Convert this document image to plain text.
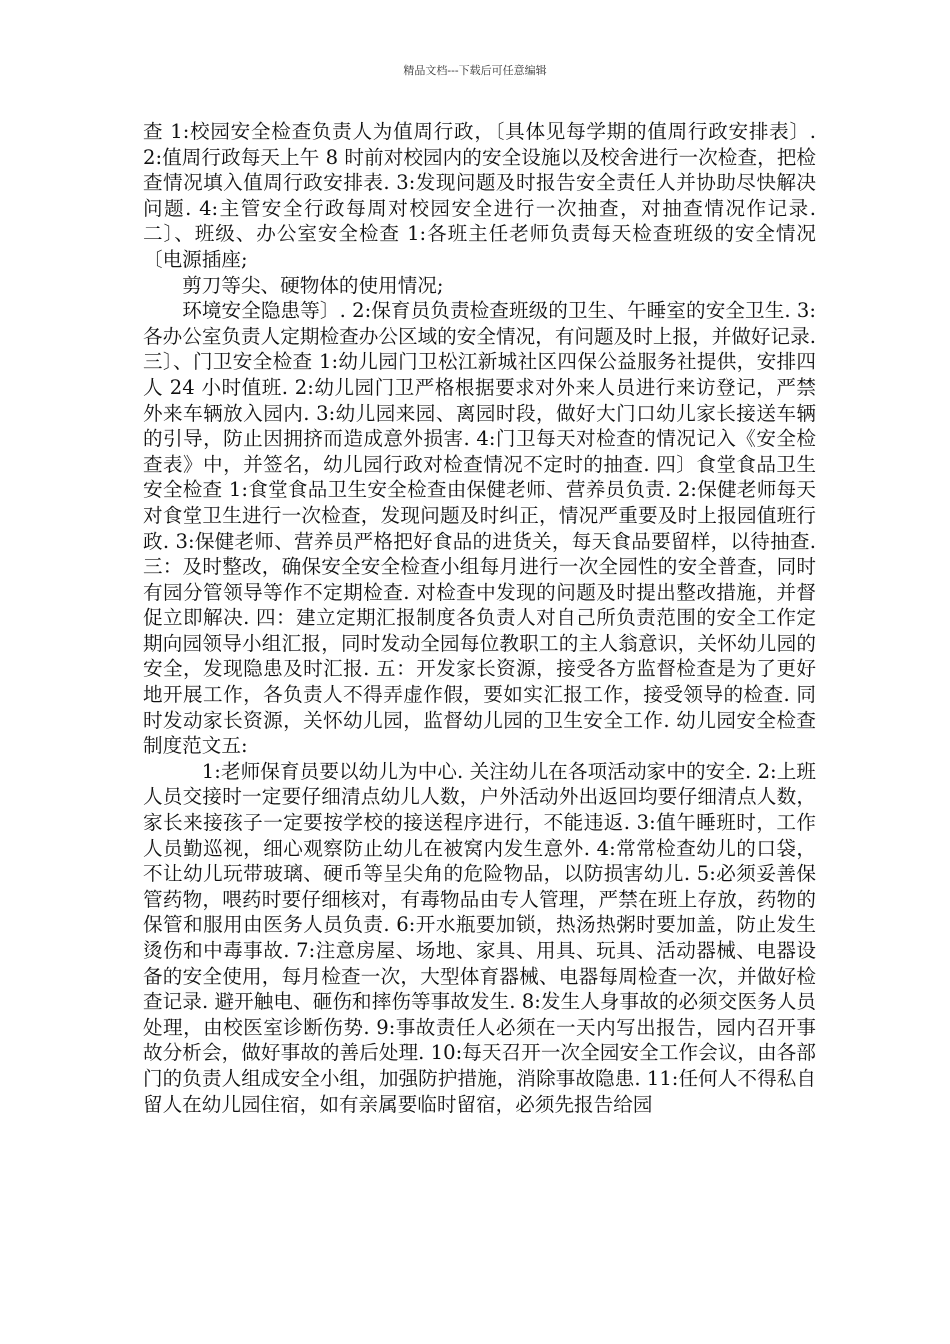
精品文档---下载后可任意编辑

查 1:校园安全检查负责人为值周行政，〔具体见每学期的值周行政安排表〕. 2:值周行政每天上午 8 时前对校园内的安全设施以及校舍进行一次检查，把检查情况填入值周行政安排表. 3:发现问题及时报告安全责任人并协助尽快解决问题. 4:主管安全行政每周对校园安全进行一次抽查，对抽查情况作记录. 二〕、班级、办公室安全检查 1:各班主任老师负责每天检查班级的安全情况〔电源插座;

剪刀等尖、硬物体的使用情况;

环境安全隐患等〕. 2:保育员负责检查班级的卫生、午睡室的安全卫生. 3:各办公室负责人定期检查办公区域的安全情况，有问题及时上报，并做好记录. 三〕、门卫安全检查 1:幼儿园门卫松江新城社区四保公益服务社提供，安排四人 24 小时值班. 2:幼儿园门卫严格根据要求对外来人员进行来访登记，严禁外来车辆放入园内. 3:幼儿园来园、离园时段，做好大门口幼儿家长接送车辆的引导，防止因拥挤而造成意外损害. 4:门卫每天对检查的情况记入《安全检查表》中，并签名，幼儿园行政对检查情况不定时的抽查. 四〕食堂食品卫生安全检查 1:食堂食品卫生安全检查由保健老师、营养员负责. 2:保健老师每天对食堂卫生进行一次检查，发现问题及时纠正，情况严重要及时上报园值班行政. 3:保健老师、营养员严格把好食品的进货关，每天食品要留样，以待抽查. 三：及时整改，确保安全安全检查小组每月进行一次全园性的安全普查，同时有园分管领导等作不定期检查. 对检查中发现的问题及时提出整改措施，并督促立即解决. 四：建立定期汇报制度各负责人对自己所负责范围的安全工作定期向园领导小组汇报，同时发动全园每位教职工的主人翁意识，关怀幼儿园的安全，发现隐患及时汇报. 五：开发家长资源，接受各方监督检查是为了更好地开展工作，各负责人不得弄虚作假，要如实汇报工作，接受领导的检查. 同时发动家长资源，关怀幼儿园，监督幼儿园的卫生安全工作. 幼儿园安全检查制度范文五:

1:老师保育员要以幼儿为中心. 关注幼儿在各项活动家中的安全. 2:上班人员交接时一定要仔细清点幼儿人数，户外活动外出返回均要仔细清点人数，家长来接孩子一定要按学校的接送程序进行，不能违返. 3:值午睡班时，工作人员勤巡视，细心观察防止幼儿在被窝内发生意外. 4:常常检查幼儿的口袋，不让幼儿玩带玻璃、硬币等呈尖角的危险物品，以防损害幼儿. 5:必须妥善保管药物，喂药时要仔细核对，有毒物品由专人管理，严禁在班上存放，药物的保管和服用由医务人员负责. 6:开水瓶要加锁，热汤热粥时要加盖，防止发生烫伤和中毒事故. 7:注意房屋、场地、家具、用具、玩具、活动器械、电器设备的安全使用，每月检查一次，大型体育器械、电器每周检查一次，并做好检查记录. 避开触电、砸伤和摔伤等事故发生. 8:发生人身事故的必须交医务人员处理，由校医室诊断伤势. 9:事故责任人必须在一天内写出报告，园内召开事故分析会，做好事故的善后处理. 10:每天召开一次全园安全工作会议，由各部门的负责人组成安全小组，加强防护措施，消除事故隐患. 11:任何人不得私自留人在幼儿园住宿，如有亲属要临时留宿，必须先报告给园
